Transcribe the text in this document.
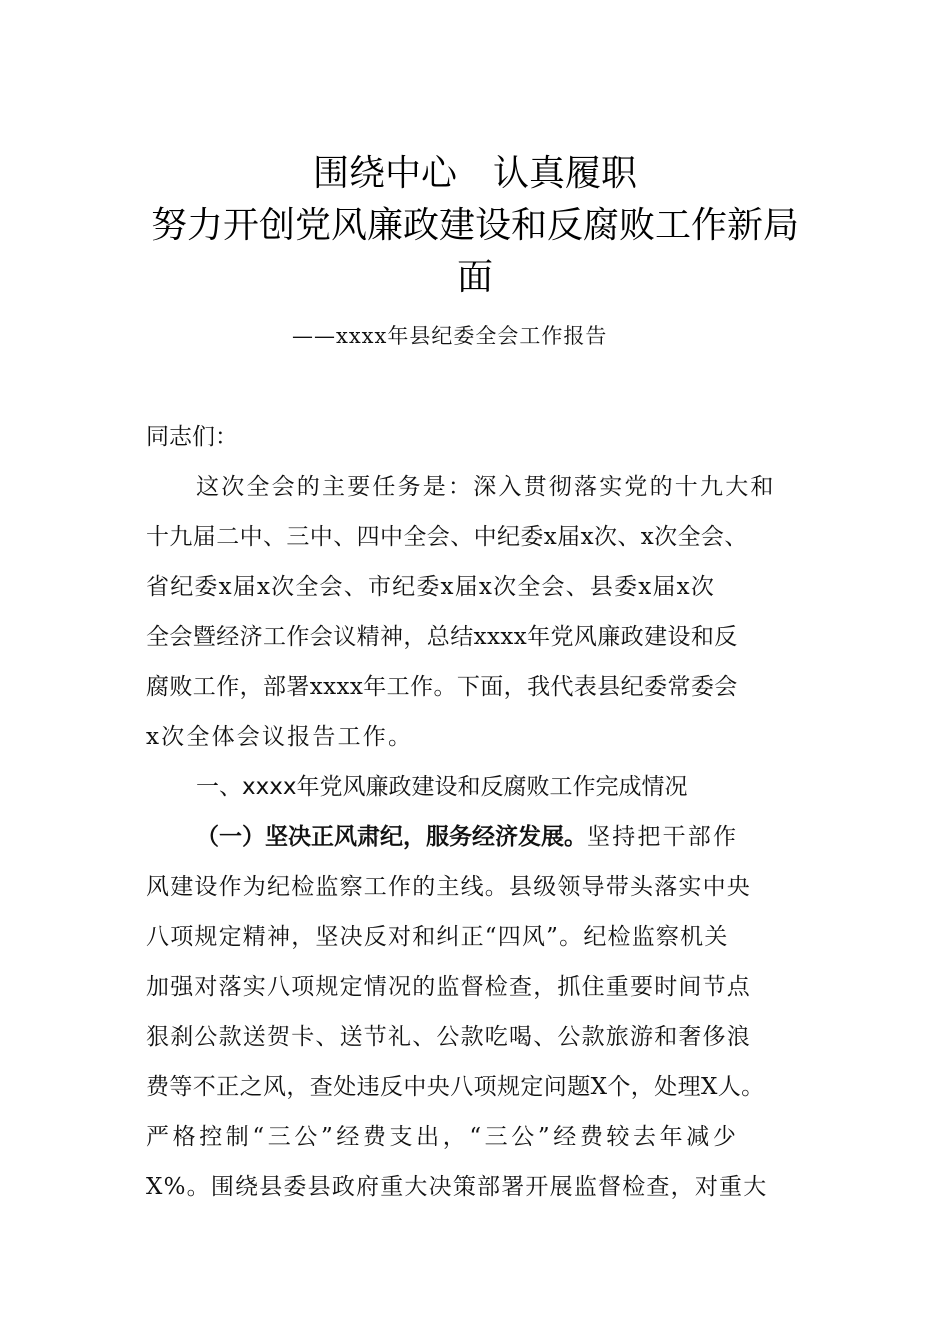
围绕中心 认真履职
努力开创党风廉政建设和反腐败工作新局
面
——xxxx年县纪委全会工作报告
同志们：
这次全会的主要任务是：深入贯彻落实党的十九大和
十九届二中、三中、四中全会、中纪委x届x次、x次全会、
省纪委x届x次全会、市纪委x届x次全会、县委x届x次
全会暨经济工作会议精神，总结xxxx年党风廉政建设和反
腐败工作，部署xxxx年工作。下面，我代表县纪委常委会
x次全体会议报告工作。
一、xxxx年党风廉政建设和反腐败工作完成情况
（一）坚决正风肃纪，服务经济发展。坚持把干部作
风建设作为纪检监察工作的主线。县级领导带头落实中央
八项规定精神，坚决反对和纠正“四风”。纪检监察机关
加强对落实八项规定情况的监督检查，抓住重要时间节点
狠刹公款送贺卡、送节礼、公款吃喝、公款旅游和奢侈浪
费等不正之风，查处违反中央八项规定问题X个，处理X人。
严格控制“三公”经费支出，“三公”经费较去年减少
X%。围绕县委县政府重大决策部署开展监督检查，对重大
